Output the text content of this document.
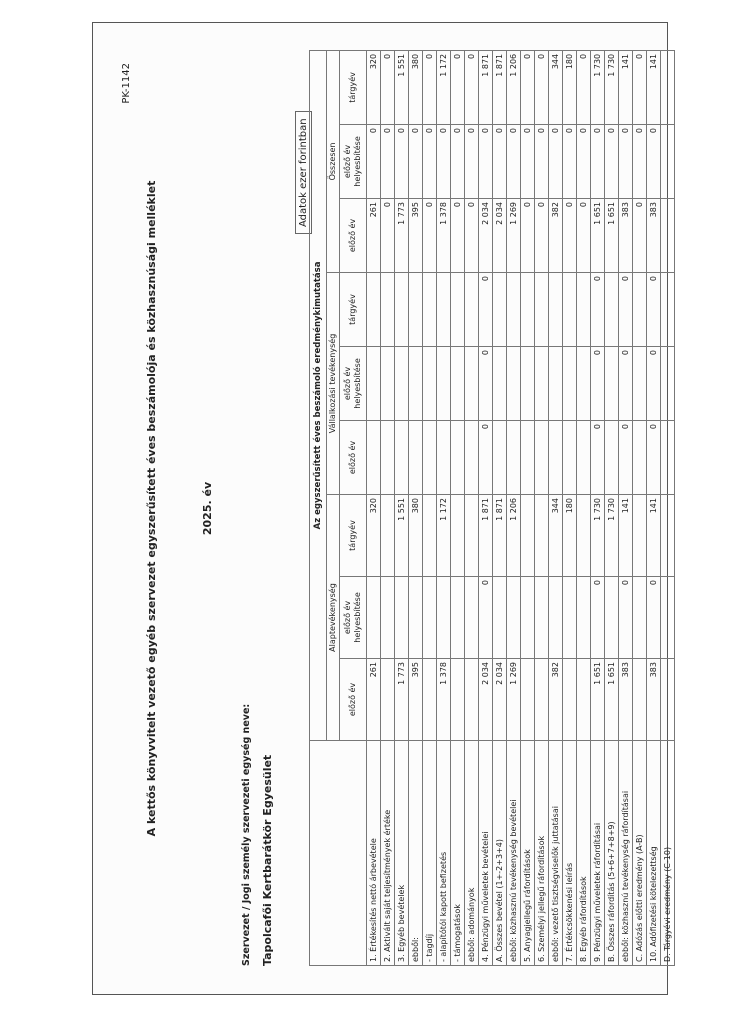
PK-1142
A kettős könyvvitelt vezető egyéb szervezet egyszerűsített éves beszámolója és közhasznúsági melléklet	2025. év
Szervezet / Jogi személy szervezeti egység neve: Tapolcafői Kertbarátkör Egyesület
Adatok ezer forintban
	Az egyszerűsített éves beszámoló eredménykimutatása								
	Alaptevékenység			Vállalkozási tevékenység			Összesen		
	előző év	előző év helyesbítése	tárgyév	előző év	előző év helyesbítése	tárgyév	előző év	előző év helyesbítése	tárgyév
1. Értékesítés nettó árbevétele	261		320				261	0	320
2. Aktivált saját teljesítmények értéke							0	0	0
3. Egyéb bevételek	1 773		1 551				1 773	0	1 551
ebből:	395		380				395	0	380
- tagdíj							0	0	0
- alapítótól kapott befizetés	1 378		1 172				1 378	0	1 172
- támogatások							0	0	0
ebből: adományok							0	0	0
4. Pénzügyi műveletek bevételei	2 034	0	1 871	0	0	0	2 034	0	1 871
A. Összes bevétel (1+-2+3+4)	2 034		1 871				2 034	0	1 871
ebből: közhasznú tevékenység bevételei	1 269		1 206				1 269	0	1 206
5. Anyagjellegű ráfordítások							0	0	0
6. Személyi jellegű ráfordítások							0	0	0
ebből: vezető tisztségviselők juttatásai	382		344				382	0	344
7. Értékcsökkenési leírás			180				0	0	180
8. Egyéb ráfordítások							0	0	0
9. Pénzügyi műveletek ráfordításai	1 651	0	1 730	0	0	0	1 651	0	1 730
B. Összes ráfordítás (5+6+7+8+9)	1 651		1 730				1 651	0	1 730
ebből: közhasznú tevékenység ráfordításai	383	0	141	0	0	0	383	0	141
C. Adózás előtti eredmény (A-B)							0	0	0
10. Adófizetési kötelezettség	383	0	141	0	0	0	383	0	141
D. Tárgyévi eredmény (C-10)									
